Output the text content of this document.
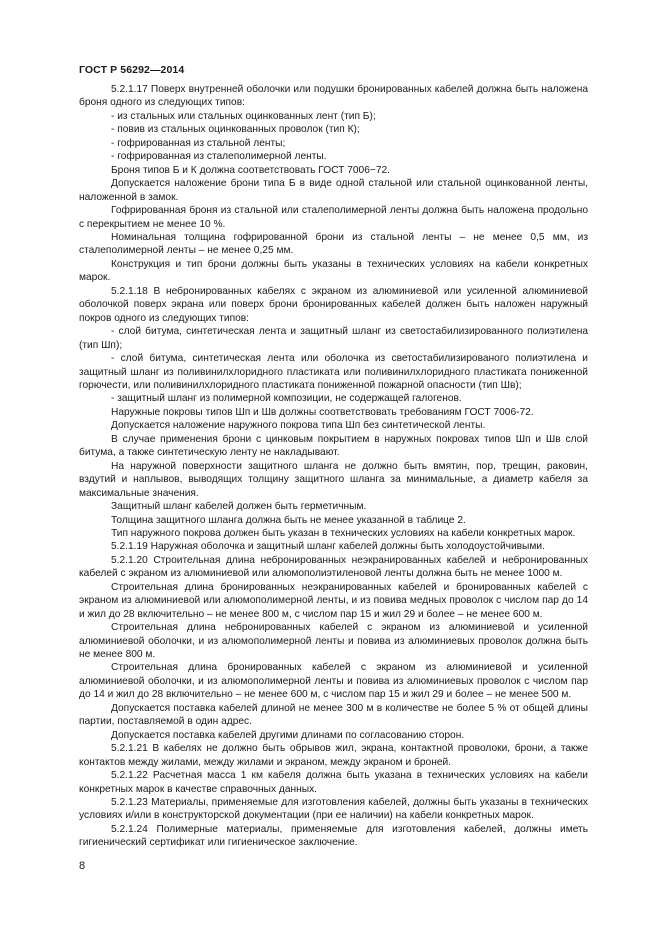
ГОСТ Р 56292—2014

5.2.1.17 Поверх внутренней оболочки или подушки бронированных кабелей должна быть наложена броня одного из следующих типов:

- из стальных или стальных оцинкованных лент (тип Б);

- повив из стальных оцинкованных проволок (тип К);

- гофрированная из стальной ленты;

- гофрированная из сталеполимерной ленты.

Броня типов Б и К должна соответствовать ГОСТ 7006−72.

Допускается наложение брони типа Б в виде одной стальной или стальной оцинкованной ленты, наложенной в замок.

Гофрированная броня из стальной или сталеполимерной ленты должна быть наложена продольно с перекрытием не менее 10 %.

Номинальная толщина гофрированной брони из стальной ленты – не менее 0,5 мм, из сталеполимерной ленты – не менее 0,25 мм.

Конструкция и тип брони должны быть указаны в технических условиях на кабели конкретных марок.

5.2.1.18 В небронированных кабелях с экраном из алюминиевой или усиленной алюминиевой оболочкой поверх экрана или поверх брони бронированных кабелей должен быть наложен наружный покров одного из следующих типов:

- слой битума, синтетическая лента и защитный шланг из светостабилизированного полиэтилена (тип Шп);

- слой битума, синтетическая лента или оболочка из светостабилизированого полиэтилена и защитный шланг из поливинилхлоридного пластиката или поливинилхлоридного пластиката пониженной горючести, или поливинилхлоридного пластиката пониженной пожарной опасности (тип Шв);

- защитный шланг из полимерной композиции, не содержащей галогенов.

Наружные покровы типов Шп и Шв должны соответствовать требованиям ГОСТ 7006-72.

Допускается наложение наружного покрова типа Шп без синтетической ленты.

В случае применения брони с цинковым покрытием в наружных покровах типов Шп и Шв слой битума, а также синтетическую ленту не накладывают.

На наружной поверхности защитного шланга не должно быть вмятин, пор, трещин, раковин, вздутий и наплывов, выводящих толщину защитного шланга за минимальные, а диаметр кабеля за максимальные значения.

Защитный шланг кабелей должен быть герметичным.

Толщина защитного шланга должна быть не менее указанной в таблице 2.

Тип наружного покрова должен быть указан в технических условиях на кабели конкретных марок.

5.2.1.19 Наружная оболочка и защитный шланг кабелей должны быть холодоустойчивыми.

5.2.1.20 Строительная длина небронированных неэкранированных кабелей и небронированных кабелей с экраном из алюминиевой или алюмополиэтиленовой ленты должна быть не менее 1000 м.

Строительная длина бронированных неэкранированных кабелей и бронированных кабелей с экраном из алюминиевой или алюмополимерной ленты, и из повива медных проволок с числом пар до 14 и жил до 28 включительно – не менее 800 м, с числом пар 15 и жил 29 и более – не менее 600 м.

Строительная длина небронированных кабелей с экраном из алюминиевой и усиленной алюминиевой оболочки, и из алюмополимерной ленты и повива из алюминиевых проволок должна быть не менее 800 м.

Строительная длина бронированных кабелей с экраном из алюминиевой и усиленной алюминиевой оболочки, и из алюмополимерной ленты и повива из алюминиевых проволок с числом пар до 14 и жил до 28 включительно – не менее 600 м, с числом пар 15 и жил 29 и более – не менее 500 м.

Допускается поставка кабелей длиной не менее 300 м в количестве не более 5 % от общей длины партии, поставляемой в один адрес.

Допускается поставка кабелей другими длинами по согласованию сторон.

5.2.1.21 В кабелях не должно быть обрывов жил, экрана, контактной проволоки, брони, а также контактов между жилами, между жилами и экраном, между экраном и броней.

5.2.1.22 Расчетная масса 1 км кабеля должна быть указана в технических условиях на кабели конкретных марок в качестве справочных данных.

5.2.1.23 Материалы, применяемые для изготовления кабелей, должны быть указаны в технических условиях и/или в конструкторской документации (при ее наличии) на кабели конкретных марок.

5.2.1.24 Полимерные материалы, применяемые для изготовления кабелей, должны иметь гигиенический сертификат или гигиеническое заключение.

8
